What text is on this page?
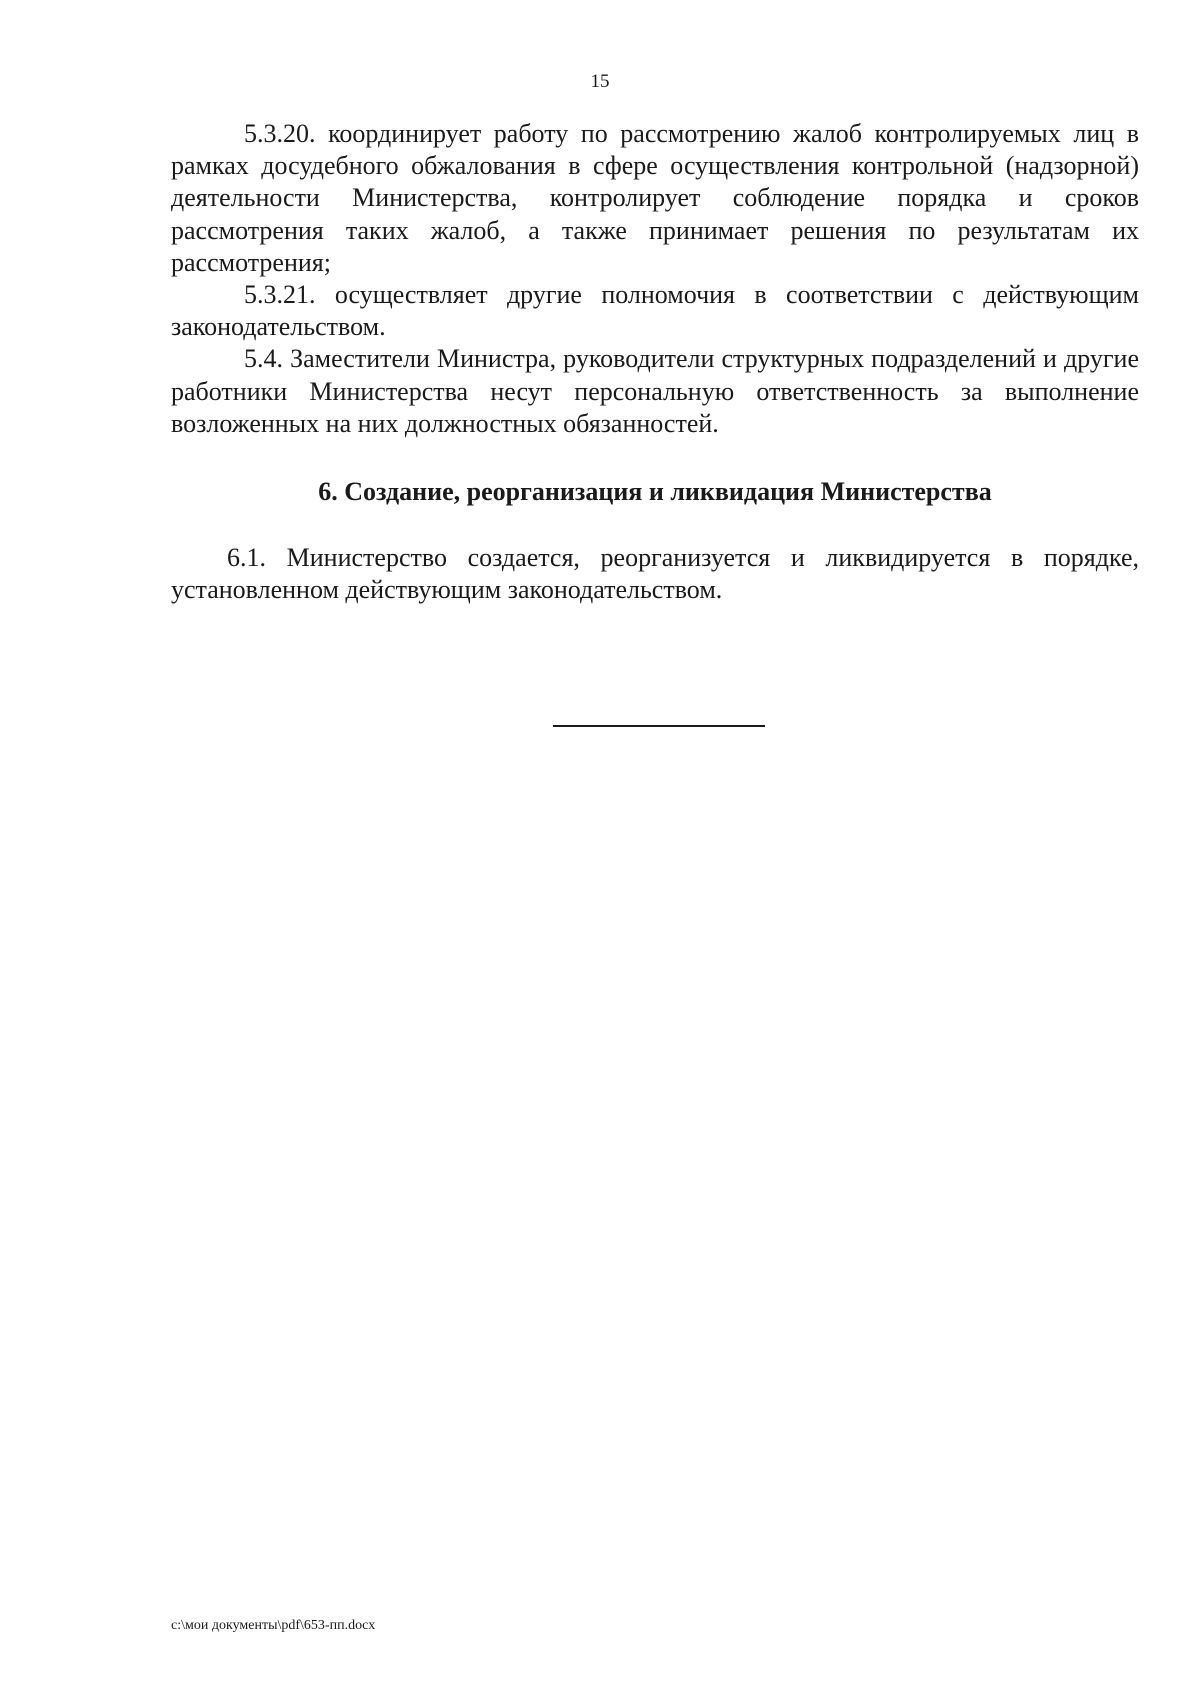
15

5.3.20. координирует работу по рассмотрению жалоб контролируемых лиц в рамках досудебного обжалования в сфере осуществления контрольной (надзорной) деятельности Министерства, контролирует соблюдение порядка и сроков рассмотрения таких жалоб, а также принимает решения по результатам их рассмотрения;

5.3.21. осуществляет другие полномочия в соответствии с действующим законодательством.

5.4. Заместители Министра, руководители структурных подразделений и другие работники Министерства несут персональную ответственность за выполнение возложенных на них должностных обязанностей.

6. Создание, реорганизация и ликвидация Министерства

6.1. Министерство создается, реорганизуется и ликвидируется в порядке, установленном действующим законодательством.

c:\мои документы\pdf\653-пп.docx
